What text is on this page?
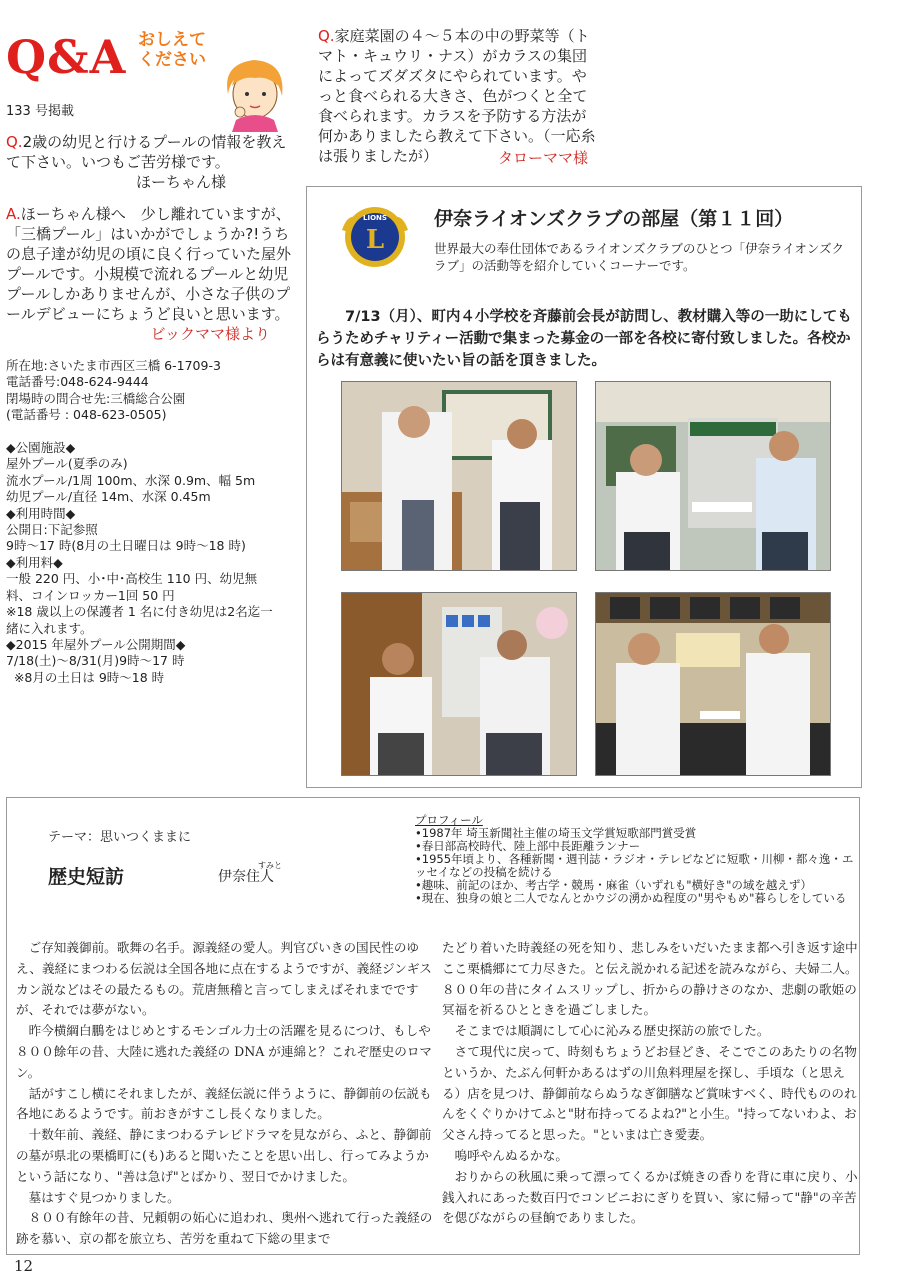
Q&A おしえて
ください
133 号掲載
Q.2歳の幼児と行けるプールの情報を教えて下さい。いつもご苦労様です。
ほーちゃん様
A.ほーちゃん様へ　少し離れていますが、「三橋プール」はいかがでしょうか?!うちの息子達が幼児の頃に良く行っていた屋外プールです。小規模で流れるプールと幼児プールしかありませんが、小さな子供のプールデビューにちょうど良いと思います。
ビックママ様より
所在地:さいたま市西区三橋 6-1709-3
電話番号:048-624-9444
閉場時の問合せ先:三橋総合公園
(電話番号 : 048-623-0505)

◆公園施設◆
屋外プール(夏季のみ)
流水プール/1周 100m、水深 0.9m、幅 5m
幼児プール/直径 14m、水深 0.45m
◆利用時間◆
公開日:下記参照
9時～17 時(8月の土日曜日は 9時～18 時)
◆利用料◆
一般 220 円、小･中･高校生 110 円、幼児無
料、コインロッカー1回 50 円
※18 歳以上の保護者 1 名に付き幼児は2名迄一
緒に入れます。
◆2015 年屋外プール公開期間◆
7/18(土)～8/31(月)9時～17 時
※8月の土日は 9時～18 時
Q.家庭菜園の４～５本の中の野菜等（トマト・キュウリ・ナス）がカラスの集団によってズダズタにやられています。やっと食べられる大きさ、色がつくと全て食べられます。カラスを予防する方法が何かありましたら教えて下さい。（一応糸は張りましたが）	タローママ様
LIONS
L
伊奈ライオンズクラブの部屋（第１１回）
世界最大の奉仕団体であるライオンズクラブのひとつ「伊奈ライオンズクラブ」の活動等を紹介していくコーナーです。
7/13（月）、町内４小学校を斉藤前会長が訪問し、教材購入等の一助にしてもらうためチャリティー活動で集まった募金の一部を各校に寄付致しました。各校からは有意義に使いたい旨の話を頂きました。
テーマ：思いつくままに
歴史短訪
すみと
伊奈住人
プロフィール
•1987年 埼玉新聞社主催の埼玉文学賞短歌部門賞受賞
•春日部高校時代、陸上部中長距離ランナー
•1955年頃より、各種新聞・週刊誌・ラジオ・テレビなどに短歌・川柳・都々逸・エッセイなどの投稿を続ける
•趣味、前記のほか、考古学・競馬・麻雀（いずれも"横好き"の域を越えず）
•現在、独身の娘と二人でなんとかウジの湧かぬ程度の"男やもめ"暮らしをしている

ご存知義御前。歌舞の名手。源義経の愛人。判官びいきの国民性のゆえ、義経にまつわる伝説は全国各地に点在するようですが、義経ジンギスカン説などはその最たるもの。荒唐無稽と言ってしまえばそれまでですが、それでは夢がない。

昨今横綱白鵬をはじめとするモンゴル力士の活躍を見るにつけ、もしや８００餘年の昔、大陸に逃れた義経の DNA が連綿と？これぞ歴史のロマン。

話がすこし横にそれましたが、義経伝説に伴うように、静御前の伝説も各地にあるようです。前おきがすこし長くなりました。

十数年前、義経、静にまつわるテレビドラマを見ながら、ふと、静御前の墓が県北の栗橋町に(も)あると聞いたことを思い出し、行ってみようかという話になり、"善は急げ"とばかり、翌日でかけました。

墓はすぐ見つかりました。

８００有餘年の昔、兄頼朝の妬心に追われ、奥州へ逃れて行った義経の跡を慕い、京の都を旅立ち、苦労を重ねて下総の里まで

たどり着いた時義経の死を知り、悲しみをいだいたまま都へ引き返す途中ここ栗橋郷にて力尽きた。と伝え説かれる記述を読みながら、夫婦二人。８００年の昔にタイムスリップし、折からの静けさのなか、悲劇の歌姫の冥福を祈るひとときを過ごしました。

そこまでは順調にして心に沁みる歴史探訪の旅でした。

さて現代に戻って、時刻もちょうどお昼どき、そこでこのあたりの名物というか、たぶん何軒かあるはずの川魚料理屋を探し、手頃な（と思える）店を見つけ、静御前ならぬうなぎ御膳など賞味すべく、時代もののれんをくぐりかけてふと"財布持ってるよね?"と小生。"持ってないわよ、お父さん持ってると思った。"といまは亡き愛妻。

嗚呼やんぬるかな。

おりからの秋風に乗って漂ってくるかば焼きの香りを背に車に戻り、小銭入れにあった数百円でコンビニおにぎりを買い、家に帰って"静"の辛苦を偲びながらの昼餉でありました。

12
